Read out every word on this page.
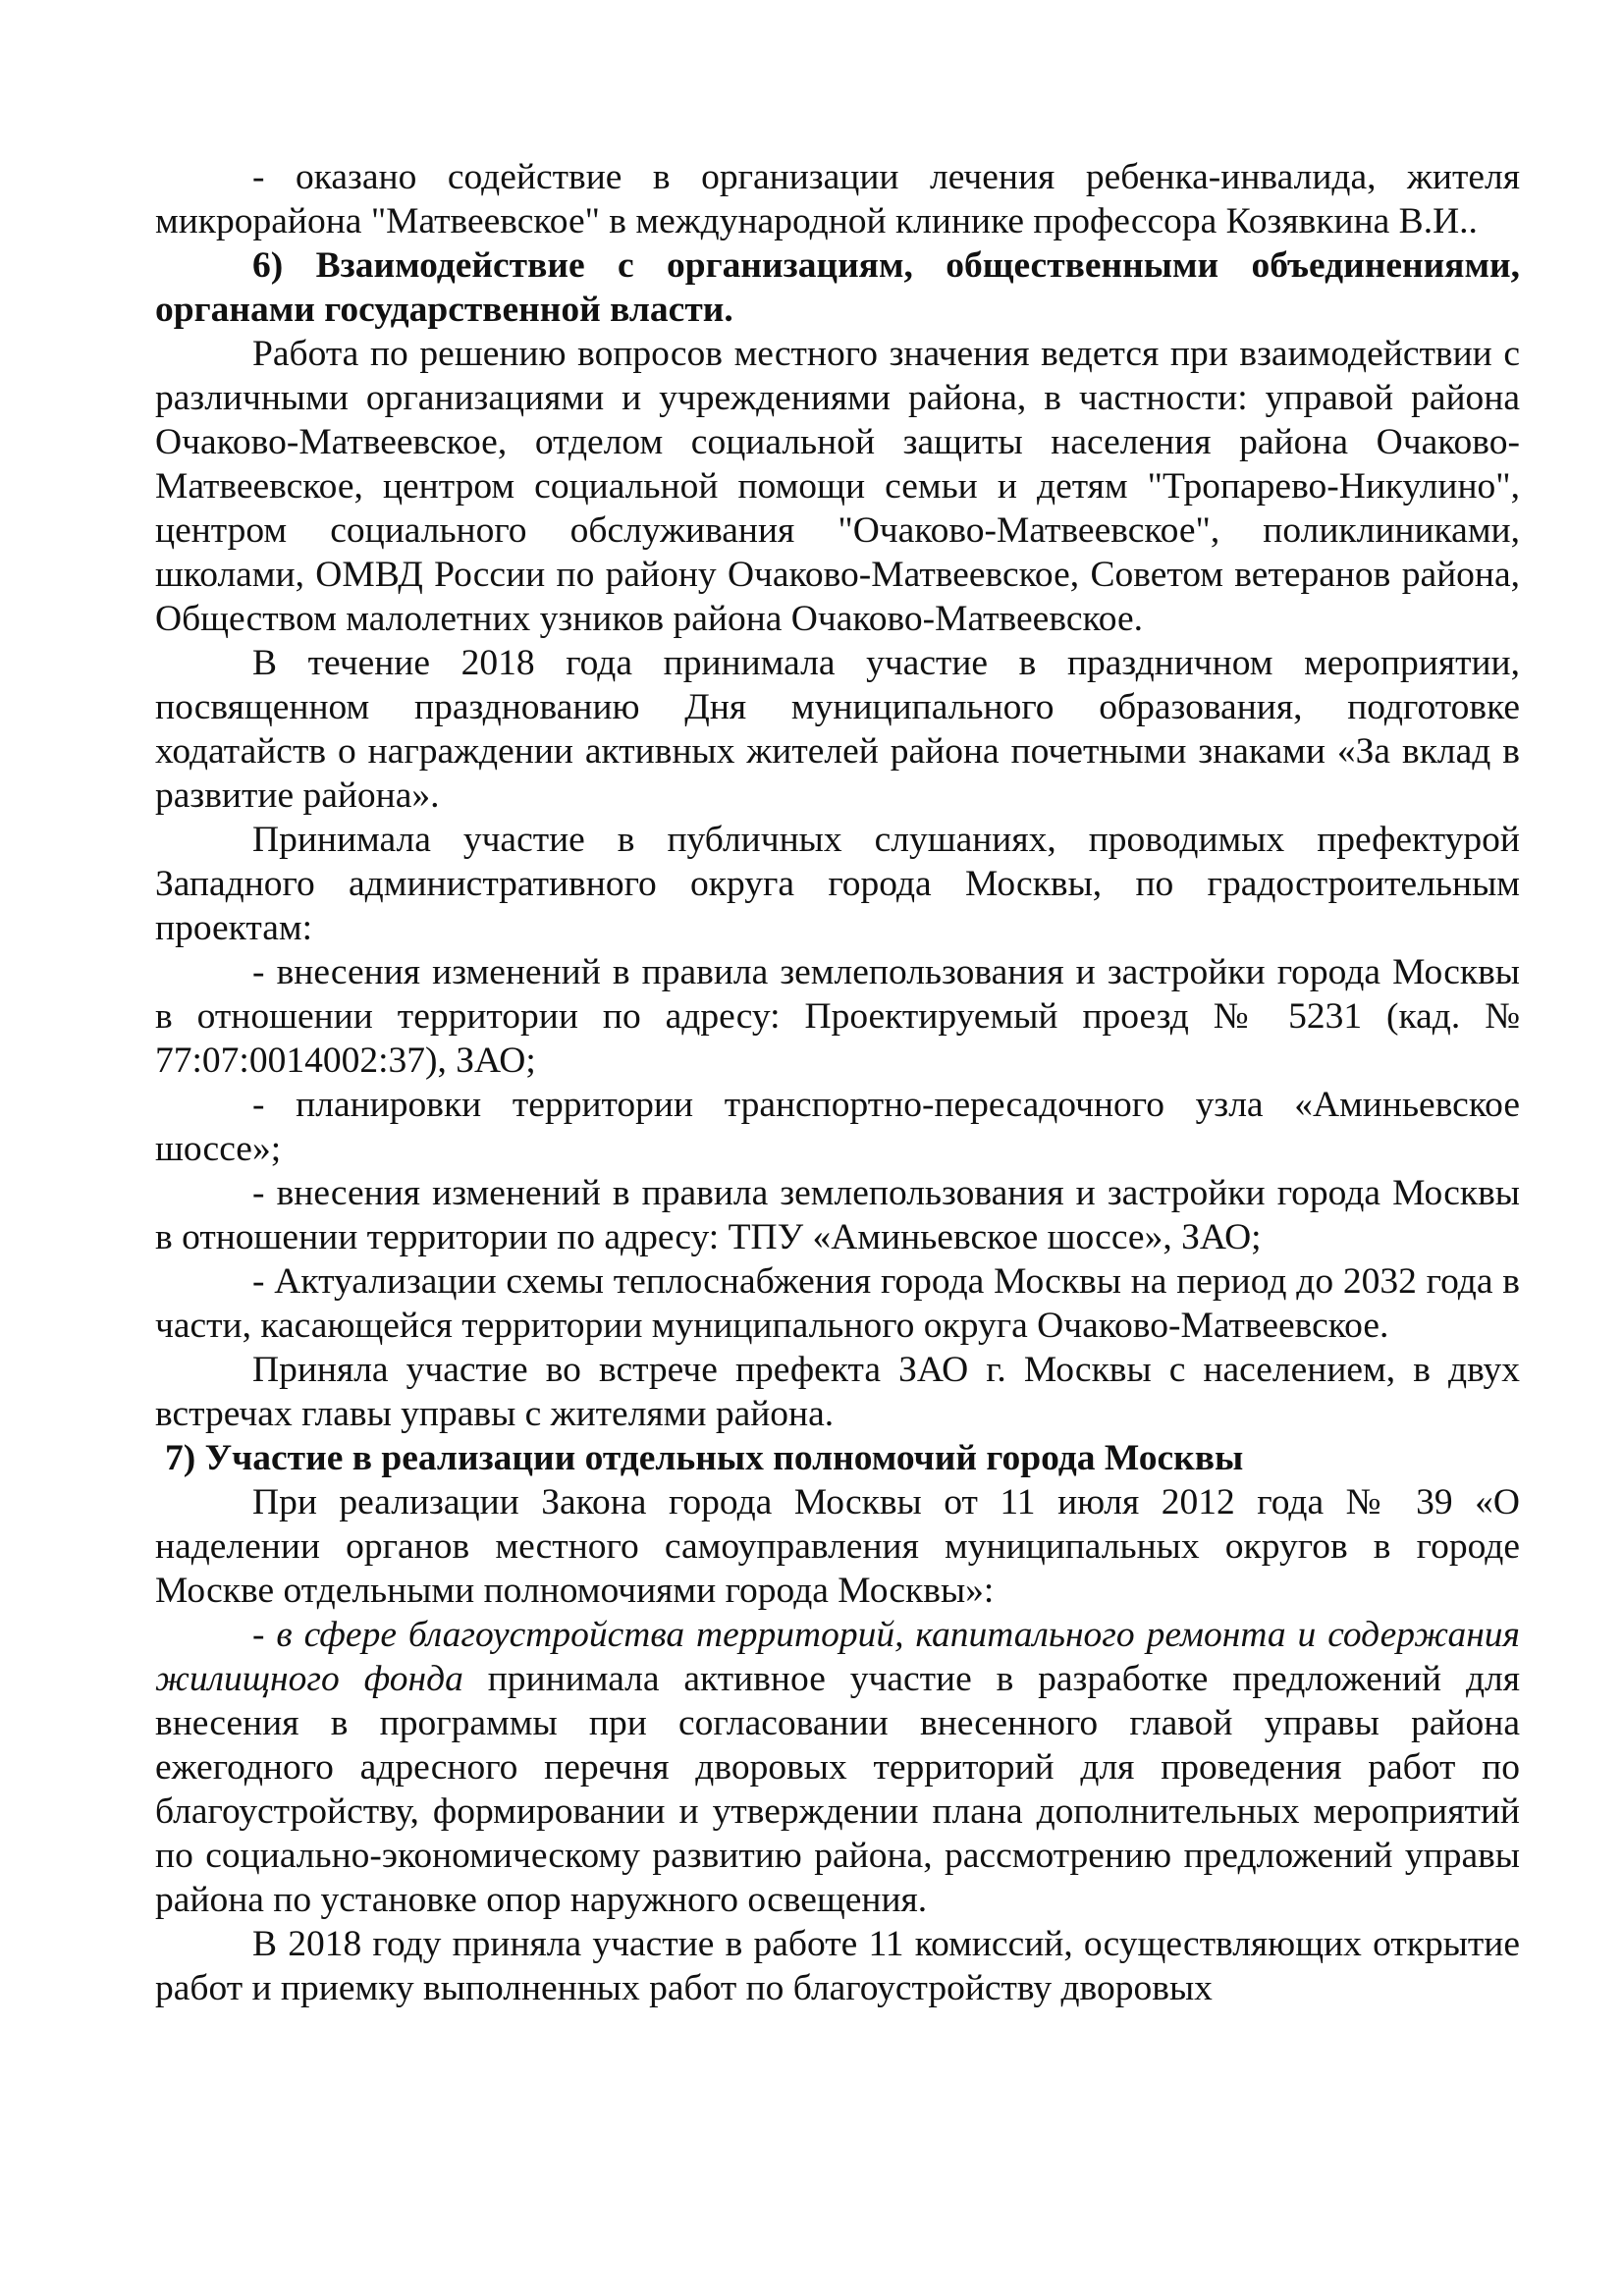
- оказано содействие в организации лечения ребенка-инвалида, жителя микрорайона "Матвеевское" в международной клинике профессора Козявкина В.И..

6) Взаимодействие с организациям, общественными объединениями, органами государственной власти.

Работа по решению вопросов местного значения ведется при взаимодействии с различными организациями и учреждениями района, в частности: управой района Очаково-Матвеевское, отделом социальной защиты населения района Очаково-Матвеевское, центром социальной помощи семьи и детям "Тропарево-Никулино", центром социального обслуживания "Очаково-Матвеевское", поликлиниками, школами, ОМВД России по району Очаково-Матвеевское, Советом ветеранов района, Обществом малолетних узников района Очаково-Матвеевское.

В течение 2018 года принимала участие в праздничном мероприятии, посвященном празднованию Дня муниципального образования, подготовке ходатайств о награждении активных жителей района почетными знаками «За вклад в развитие района».

Принимала участие в публичных слушаниях, проводимых префектурой Западного административного округа города Москвы, по градостроительным проектам:

- внесения изменений в правила землепользования и застройки города Москвы в отношении территории по адресу: Проектируемый проезд № 5231 (кад. № 77:07:0014002:37), ЗАО;

- планировки территории транспортно-пересадочного узла «Аминьевское шоссе»;

- внесения изменений в правила землепользования и застройки города Москвы в отношении территории по адресу: ТПУ «Аминьевское шоссе», ЗАО;

- Актуализации схемы теплоснабжения города Москвы на период до 2032 года в части, касающейся территории муниципального округа Очаково-Матвеевское.

Приняла участие во встрече префекта ЗАО г. Москвы с населением, в двух встречах главы управы с жителями района.

7) Участие в реализации отдельных полномочий города Москвы

При реализации Закона города Москвы от 11 июля 2012 года № 39 «О наделении органов местного самоуправления муниципальных округов в городе Москве отдельными полномочиями города Москвы»:

- в сфере благоустройства территорий, капитального ремонта и содержания жилищного фонда принимала активное участие в разработке предложений для внесения в программы при согласовании внесенного главой управы района ежегодного адресного перечня дворовых территорий для проведения работ по благоустройству, формировании и утверждении плана дополнительных мероприятий по социально-экономическому развитию района, рассмотрению предложений управы района по установке опор наружного освещения.

В 2018 году приняла участие в работе 11 комиссий, осуществляющих открытие работ и приемку выполненных работ по благоустройству дворовых
